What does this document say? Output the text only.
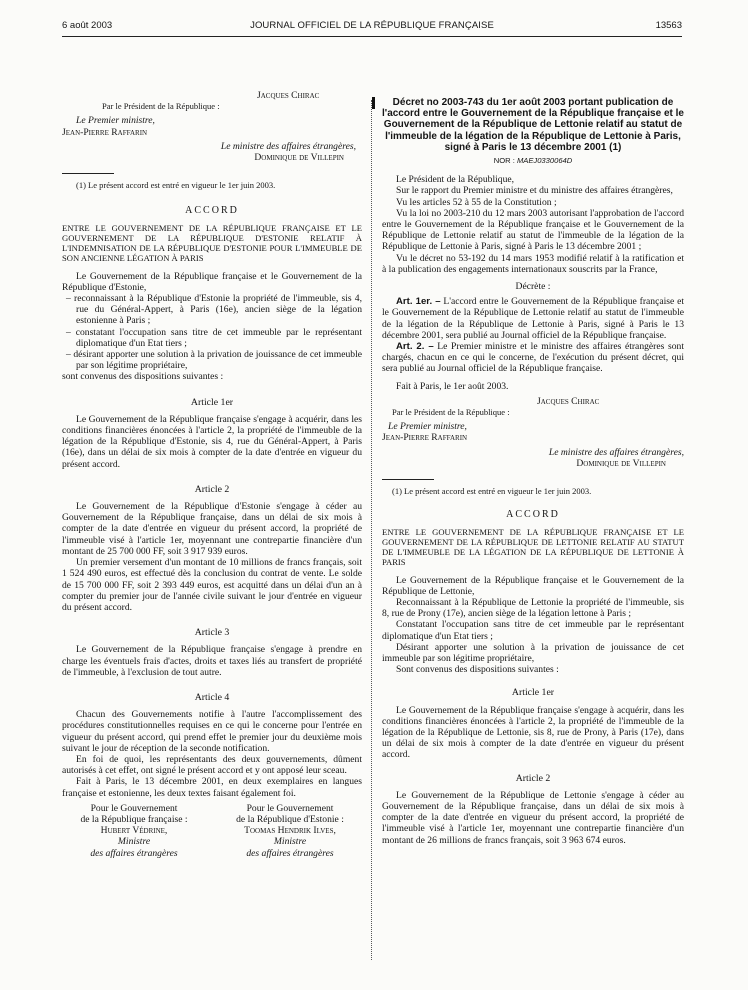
6 août 2003	JOURNAL OFFICIEL DE LA RÉPUBLIQUE FRANÇAISE	13563

Jacques Chirac

Par le Président de la République :

Le Premier ministre,

Jean-Pierre Raffarin

Le ministre des affaires étrangères,

Dominique de Villepin

(1) Le présent accord est entré en vigueur le 1er juin 2003.

ACCORD

ENTRE LE GOUVERNEMENT DE LA RÉPUBLIQUE FRANÇAISE ET LE GOUVERNEMENT DE LA RÉPUBLIQUE D'ESTONIE RELATIF À L'INDEMNISATION DE LA RÉPUBLIQUE D'ESTONIE POUR L'IMMEUBLE DE SON ANCIENNE LÉGATION À PARIS

Le Gouvernement de la République française et le Gouvernement de la République d'Estonie,

– reconnaissant à la République d'Estonie la propriété de l'immeuble, sis 4, rue du Général-Appert, à Paris (16e), ancien siège de la légation estonienne à Paris ;

– constatant l'occupation sans titre de cet immeuble par le représentant diplomatique d'un Etat tiers ;

– désirant apporter une solution à la privation de jouissance de cet immeuble par son légitime propriétaire,

sont convenus des dispositions suivantes :

Article 1er

Le Gouvernement de la République française s'engage à acquérir, dans les conditions financières énoncées à l'article 2, la propriété de l'immeuble de la légation de la République d'Estonie, sis 4, rue du Général-Appert, à Paris (16e), dans un délai de six mois à compter de la date d'entrée en vigueur du présent accord.

Article 2

Le Gouvernement de la République d'Estonie s'engage à céder au Gouvernement de la République française, dans un délai de six mois à compter de la date d'entrée en vigueur du présent accord, la propriété de l'immeuble visé à l'article 1er, moyennant une contrepartie financière d'un montant de 25 700 000 FF, soit 3 917 939 euros.

Un premier versement d'un montant de 10 millions de francs français, soit 1 524 490 euros, est effectué dès la conclusion du contrat de vente. Le solde de 15 700 000 FF, soit 2 393 449 euros, est acquitté dans un délai d'un an à compter du premier jour de l'année civile suivant le jour d'entrée en vigueur du présent accord.

Article 3

Le Gouvernement de la République française s'engage à prendre en charge les éventuels frais d'actes, droits et taxes liés au transfert de propriété de l'immeuble, à l'exclusion de tout autre.

Article 4

Chacun des Gouvernements notifie à l'autre l'accomplissement des procédures constitutionnelles requises en ce qui le concerne pour l'entrée en vigueur du présent accord, qui prend effet le premier jour du deuxième mois suivant le jour de réception de la seconde notification.

En foi de quoi, les représentants des deux gouvernements, dûment autorisés à cet effet, ont signé le présent accord et y ont apposé leur sceau.

Fait à Paris, le 13 décembre 2001, en deux exemplaires en langues française et estonienne, les deux textes faisant également foi.

Pour le Gouvernement

de la République française :

Hubert Védrine,

Ministre

des affaires étrangères

Pour le Gouvernement

de la République d'Estonie :

Toomas Hendrik Ilves,

Ministre

des affaires étrangères

Décret no 2003-743 du 1er août 2003 portant publication de l'accord entre le Gouvernement de la République française et le Gouvernement de la République de Lettonie relatif au statut de l'immeuble de la légation de la République de Lettonie à Paris, signé à Paris le 13 décembre 2001 (1)

NOR : MAEJ0330064D

Le Président de la République,

Sur le rapport du Premier ministre et du ministre des affaires étrangères,

Vu les articles 52 à 55 de la Constitution ;

Vu la loi no 2003-210 du 12 mars 2003 autorisant l'approbation de l'accord entre le Gouvernement de la République française et le Gouvernement de la République de Lettonie relatif au statut de l'immeuble de la légation de la République de Lettonie à Paris, signé à Paris le 13 décembre 2001 ;

Vu le décret no 53-192 du 14 mars 1953 modifié relatif à la ratification et à la publication des engagements internationaux souscrits par la France,

Décrète :

Art. 1er. – L'accord entre le Gouvernement de la République française et le Gouvernement de la République de Lettonie relatif au statut de l'immeuble de la légation de la République de Lettonie à Paris, signé à Paris le 13 décembre 2001, sera publié au Journal officiel de la République française.

Art. 2. – Le Premier ministre et le ministre des affaires étrangères sont chargés, chacun en ce qui le concerne, de l'exécution du présent décret, qui sera publié au Journal officiel de la République française.

Fait à Paris, le 1er août 2003.

Jacques Chirac

Par le Président de la République :

Le Premier ministre,

Jean-Pierre Raffarin

Le ministre des affaires étrangères,

Dominique de Villepin

(1) Le présent accord est entré en vigueur le 1er juin 2003.

ACCORD

ENTRE LE GOUVERNEMENT DE LA RÉPUBLIQUE FRANÇAISE ET LE GOUVERNEMENT DE LA RÉPUBLIQUE DE LETTONIE RELATIF AU STATUT DE L'IMMEUBLE DE LA LÉGATION DE LA RÉPUBLIQUE DE LETTONIE À PARIS

Le Gouvernement de la République française et le Gouvernement de la République de Lettonie,

Reconnaissant à la République de Lettonie la propriété de l'immeuble, sis 8, rue de Prony (17e), ancien siège de la légation lettone à Paris ;

Constatant l'occupation sans titre de cet immeuble par le représentant diplomatique d'un Etat tiers ;

Désirant apporter une solution à la privation de jouissance de cet immeuble par son légitime propriétaire,

Sont convenus des dispositions suivantes :

Article 1er

Le Gouvernement de la République française s'engage à acquérir, dans les conditions financières énoncées à l'article 2, la propriété de l'immeuble de la légation de la République de Lettonie, sis 8, rue de Prony, à Paris (17e), dans un délai de six mois à compter de la date d'entrée en vigueur du présent accord.

Article 2

Le Gouvernement de la République de Lettonie s'engage à céder au Gouvernement de la République française, dans un délai de six mois à compter de la date d'entrée en vigueur du présent accord, la propriété de l'immeuble visé à l'article 1er, moyennant une contrepartie financière d'un montant de 26 millions de francs français, soit 3 963 674 euros.
